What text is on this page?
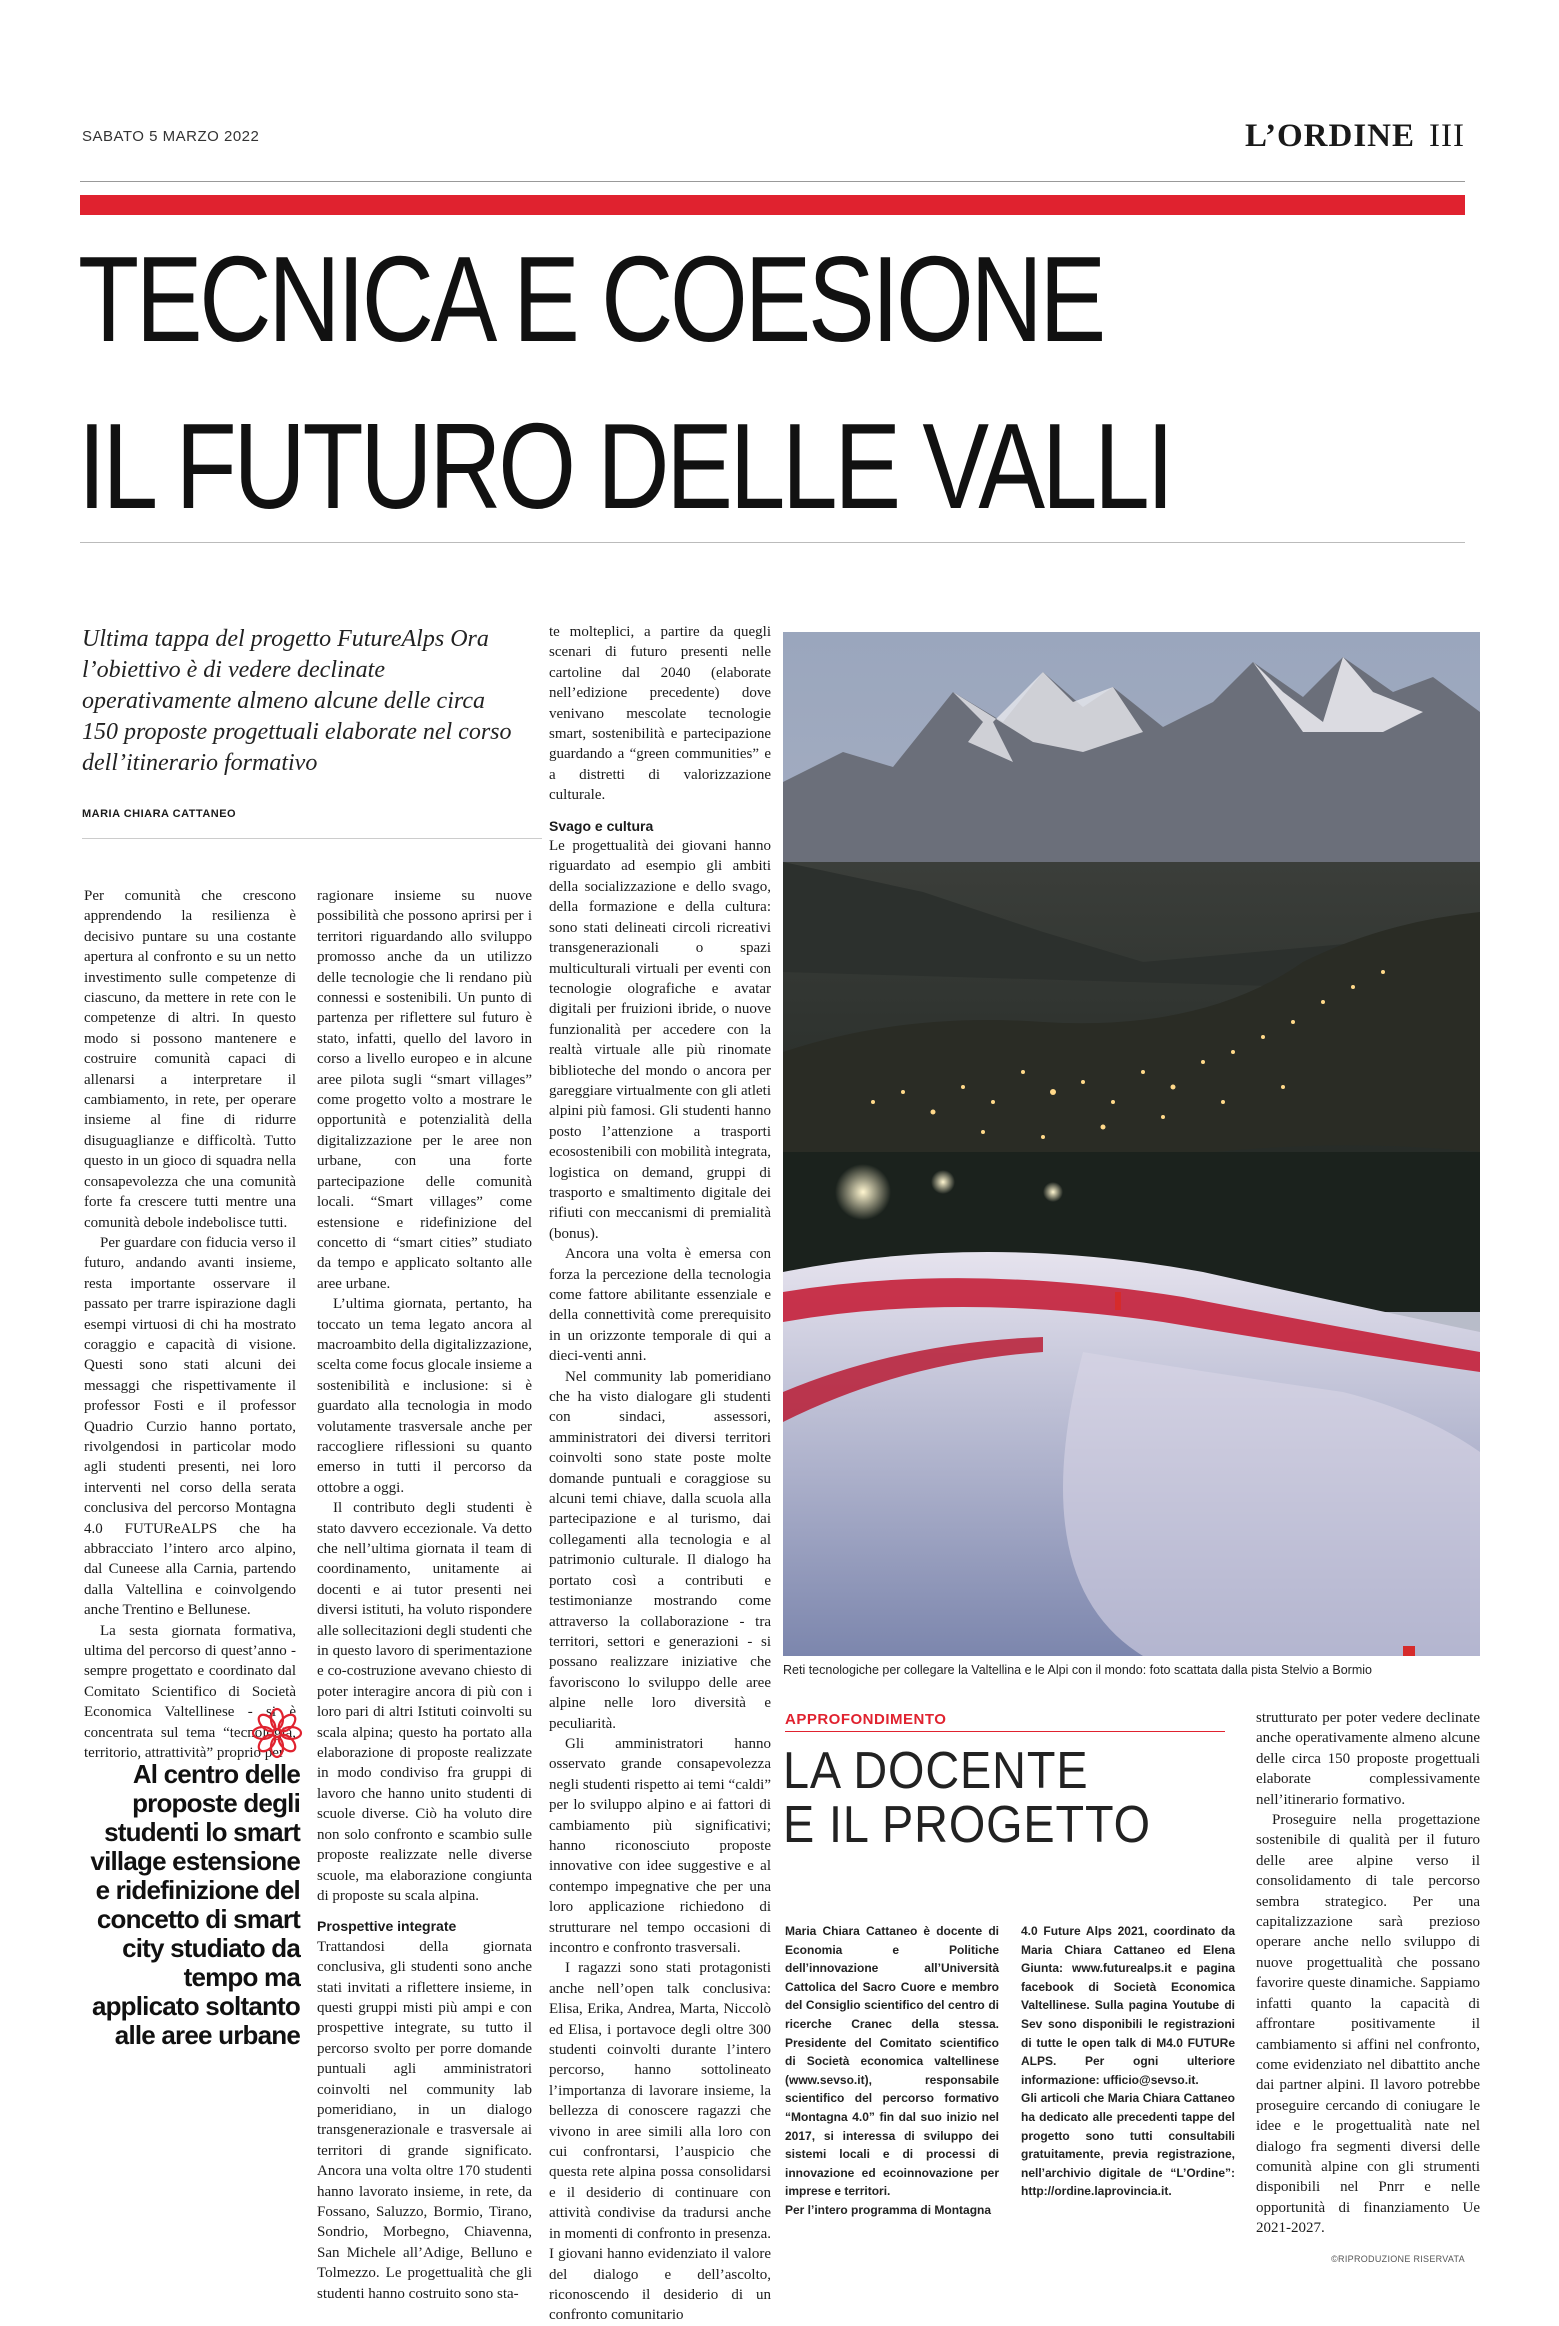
SABATO 5 MARZO 2022	L’ORDINE III
TECNICA E COESIONE
IL FUTURO DELLE VALLI
Ultima tappa del progetto FutureAlps Ora l’obiettivo è di vedere declinate operativamente almeno alcune delle circa 150 proposte progettuali elaborate nel corso dell’itinerario formativo
MARIA CHIARA CATTANEO

Per comunità che crescono apprendendo la resilienza è decisivo puntare su una costante apertura al confronto e su un netto investimento sulle competenze di ciascuno, da mettere in rete con le competenze di altri. In questo modo si possono mantenere e costruire comunità capaci di allenarsi a interpretare il cambiamento, in rete, per operare insieme al fine di ridurre disuguaglianze e difficoltà. Tutto questo in un gioco di squadra nella consapevolezza che una comunità forte fa crescere tutti mentre una comunità debole indebolisce tutti.

Per guardare con fiducia verso il futuro, andando avanti insieme, resta importante osservare il passato per trarre ispirazione dagli esempi virtuosi di chi ha mostrato coraggio e capacità di visione. Questi sono stati alcuni dei messaggi che rispettivamente il professor Fosti e il professor Quadrio Curzio hanno portato, rivolgendosi in particolar modo agli studenti presenti, nei loro interventi nel corso della serata conclusiva del percorso Montagna 4.0 FUTUReALPS che ha abbracciato l’intero arco alpino, dal Cuneese alla Carnia, partendo dalla Valtellina e coinvolgendo anche Trentino e Bellunese.

La sesta giornata formativa, ultima del percorso di quest’anno - sempre progettato e coordinato dal Comitato Scientifico di Società Economica Valtellinese - si è concentrata sul tema “tecnologia, territorio, attrattività” proprio per

Al centro delle proposte degli studenti lo smart village estensione e ridefinizione del concetto di smart city studiato da tempo ma applicato soltanto alle aree urbane

ragionare insieme su nuove possibilità che possono aprirsi per i territori riguardando allo sviluppo promosso anche da un utilizzo delle tecnologie che li rendano più connessi e sostenibili. Un punto di partenza per riflettere sul futuro è stato, infatti, quello del lavoro in corso a livello europeo e in alcune aree pilota sugli “smart villages” come progetto volto a mostrare le opportunità e potenzialità della digitalizzazione per le aree non urbane, con una forte partecipazione delle comunità locali. “Smart villages” come estensione e ridefinizione del concetto di “smart cities” studiato da tempo e applicato soltanto alle aree urbane.

L’ultima giornata, pertanto, ha toccato un tema legato ancora al macroambito della digitalizzazione, scelta come focus glocale insieme a sostenibilità e inclusione: si è guardato alla tecnologia in modo volutamente trasversale anche per raccogliere riflessioni su quanto emerso in tutti il percorso da ottobre a oggi.

Il contributo degli studenti è stato davvero eccezionale. Va detto che nell’ultima giornata il team di coordinamento, unitamente ai docenti e ai tutor presenti nei diversi istituti, ha voluto rispondere alle sollecitazioni degli studenti che in questo lavoro di sperimentazione e co-costruzione avevano chiesto di poter interagire ancora di più con i loro pari di altri Istituti coinvolti su scala alpina; questo ha portato alla elaborazione di proposte realizzate in modo condiviso fra gruppi di lavoro che hanno unito studenti di scuole diverse. Ciò ha voluto dire non solo confronto e scambio sulle proposte realizzate nelle diverse scuole, ma elaborazione congiunta di proposte su scala alpina.

Prospettive integrate

Trattandosi della giornata conclusiva, gli studenti sono anche stati invitati a riflettere insieme, in questi gruppi misti più ampi e con prospettive integrate, su tutto il percorso svolto per porre domande puntuali agli amministratori coinvolti nel community lab pomeridiano, in un dialogo transgenerazionale e trasversale ai territori di grande significato. Ancora una volta oltre 170 studenti hanno lavorato insieme, in rete, da Fossano, Saluzzo, Bormio, Tirano, Sondrio, Morbegno, Chiavenna, San Michele all’Adige, Belluno e Tolmezzo. Le progettualità che gli studenti hanno costruito sono sta-

te molteplici, a partire da quegli scenari di futuro presenti nelle cartoline dal 2040 (elaborate nell’edizione precedente) dove venivano mescolate tecnologie smart, sostenibilità e partecipazione guardando a “green communities” e a distretti di valorizzazione culturale.

Svago e cultura

Le progettualità dei giovani hanno riguardato ad esempio gli ambiti della socializzazione e dello svago, della formazione e della cultura: sono stati delineati circoli ricreativi transgenerazionali o spazi multiculturali virtuali per eventi con tecnologie olografiche e avatar digitali per fruizioni ibride, o nuove funzionalità per accedere con la realtà virtuale alle più rinomate biblioteche del mondo o ancora per gareggiare virtualmente con gli atleti alpini più famosi. Gli studenti hanno posto l’attenzione a trasporti ecosostenibili con mobilità integrata, logistica on demand, gruppi di trasporto e smaltimento digitale dei rifiuti con meccanismi di premialità (bonus).

Ancora una volta è emersa con forza la percezione della tecnologia come fattore abilitante essenziale e della connettività come prerequisito in un orizzonte temporale di qui a dieci-venti anni.

Nel community lab pomeridiano che ha visto dialogare gli studenti con sindaci, assessori, amministratori dei diversi territori coinvolti sono state poste molte domande puntuali e coraggiose su alcuni temi chiave, dalla scuola alla partecipazione e al turismo, dai collegamenti alla tecnologia e al patrimonio culturale. Il dialogo ha portato così a contributi e testimonianze mostrando come attraverso la collaborazione - tra territori, settori e generazioni - si possano realizzare iniziative che favoriscono lo sviluppo delle aree alpine nelle loro diversità e peculiarità.

Gli amministratori hanno osservato grande consapevolezza negli studenti rispetto ai temi “caldi” per lo sviluppo alpino e ai fattori di cambiamento più significativi; hanno riconosciuto proposte innovative con idee suggestive e al contempo impegnative che per una loro applicazione richiedono di strutturare nel tempo occasioni di incontro e confronto trasversali.

I ragazzi sono stati protagonisti anche nell’open talk conclusiva: Elisa, Erika, Andrea, Marta, Niccolò ed Elisa, i portavoce degli oltre 300 studenti coinvolti durante l’intero percorso, hanno sottolineato l’importanza di lavorare insieme, la bellezza di conoscere ragazzi che vivono in aree simili alla loro con cui confrontarsi, l’auspicio che questa rete alpina possa consolidarsi e il desiderio di continuare con attività condivise da tradursi anche in momenti di confronto in presenza. I giovani hanno evidenziato il valore del dialogo e dell’ascolto, riconoscendo il desiderio di un confronto comunitario

Reti tecnologiche per collegare la Valtellina e le Alpi con il mondo: foto scattata dalla pista Stelvio a Bormio
APPROFONDIMENTO
LA DOCENTE
E IL PROGETTO

Maria Chiara Cattaneo è docente di Economia e Politiche dell’innovazione all’Università Cattolica del Sacro Cuore e membro del Consiglio scientifico del centro di ricerche Cranec della stessa. Presidente del Comitato scientifico di Società economica valtellinese (www.sevso.it), responsabile scientifico del percorso formativo “Montagna 4.0” fin dal suo inizio nel 2017, si interessa di sviluppo dei sistemi locali e di processi di innovazione ed ecoinnovazione per imprese e territori.

Per l’intero programma di Montagna

4.0 Future Alps 2021, coordinato da Maria Chiara Cattaneo ed Elena Giunta: www.futurealps.it e pagina facebook di Società Economica Valtellinese. Sulla pagina Youtube di Sev sono disponibili le registrazioni di tutte le open talk di M4.0 FUTURe ALPS. Per ogni ulteriore informazione: ufficio@sevso.it.

Gli articoli che Maria Chiara Cattaneo ha dedicato alle precedenti tappe del progetto sono tutti consultabili gratuitamente, previa registrazione, nell’archivio digitale de “L’Ordine”: http://ordine.laprovincia.it.

strutturato per poter vedere declinate anche operativamente almeno alcune delle circa 150 proposte progettuali elaborate complessivamente nell’itinerario formativo.

Proseguire nella progettazione sostenibile di qualità per il futuro delle aree alpine verso il consolidamento di tale percorso sembra strategico. Per una capitalizzazione sarà prezioso operare anche nello sviluppo di nuove progettualità che possano favorire queste dinamiche. Sappiamo infatti quanto la capacità di affrontare positivamente il cambiamento si affini nel confronto, come evidenziato nel dibattito anche dai partner alpini. Il lavoro potrebbe proseguire cercando di coniugare le idee e le progettualità nate nel dialogo fra segmenti diversi delle comunità alpine con gli strumenti disponibili nel Pnrr e nelle opportunità di finanziamento Ue 2021-2027.

©RIPRODUZIONE RISERVATA
